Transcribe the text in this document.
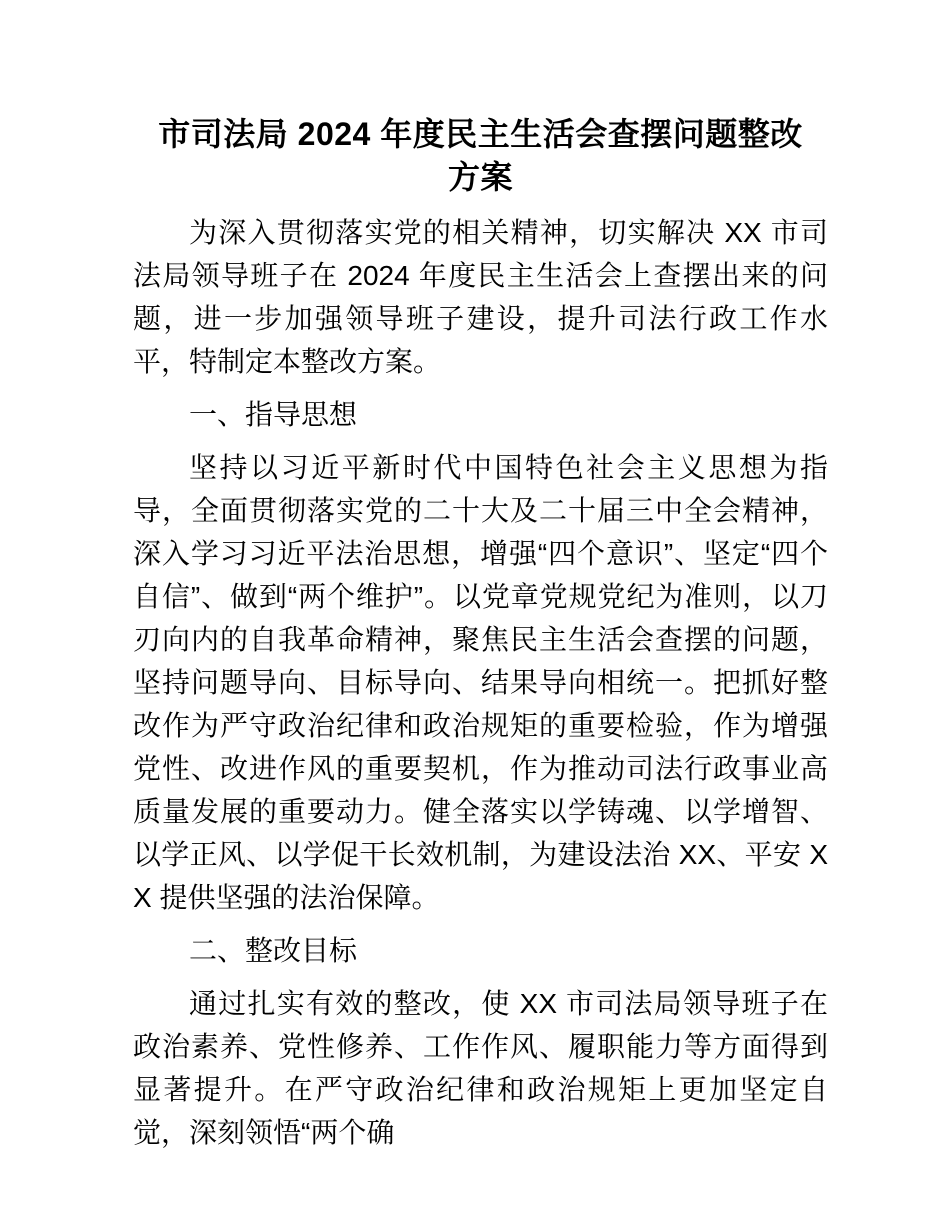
市司法局 2024 年度民主生活会查摆问题整改
方案

为深入贯彻落实党的相关精神，切实解决 XX 市司法局领导班子在 2024 年度民主生活会上查摆出来的问题，进一步加强领导班子建设，提升司法行政工作水平，特制定本整改方案。

一、指导思想

坚持以习近平新时代中国特色社会主义思想为指导，全面贯彻落实党的二十大及二十届三中全会精神，深入学习习近平法治思想，增强“四个意识”、坚定“四个自信”、做到“两个维护”。以党章党规党纪为准则，以刀刃向内的自我革命精神，聚焦民主生活会查摆的问题，坚持问题导向、目标导向、结果导向相统一。把抓好整改作为严守政治纪律和政治规矩的重要检验，作为增强党性、改进作风的重要契机，作为推动司法行政事业高质量发展的重要动力。健全落实以学铸魂、以学增智、以学正风、以学促干长效机制，为建设法治 XX、平安 XX 提供坚强的法治保障。

二、整改目标

通过扎实有效的整改，使 XX 市司法局领导班子在政治素养、党性修养、工作作风、履职能力等方面得到显著提升。在严守政治纪律和政治规矩上更加坚定自觉，深刻领悟“两个确
